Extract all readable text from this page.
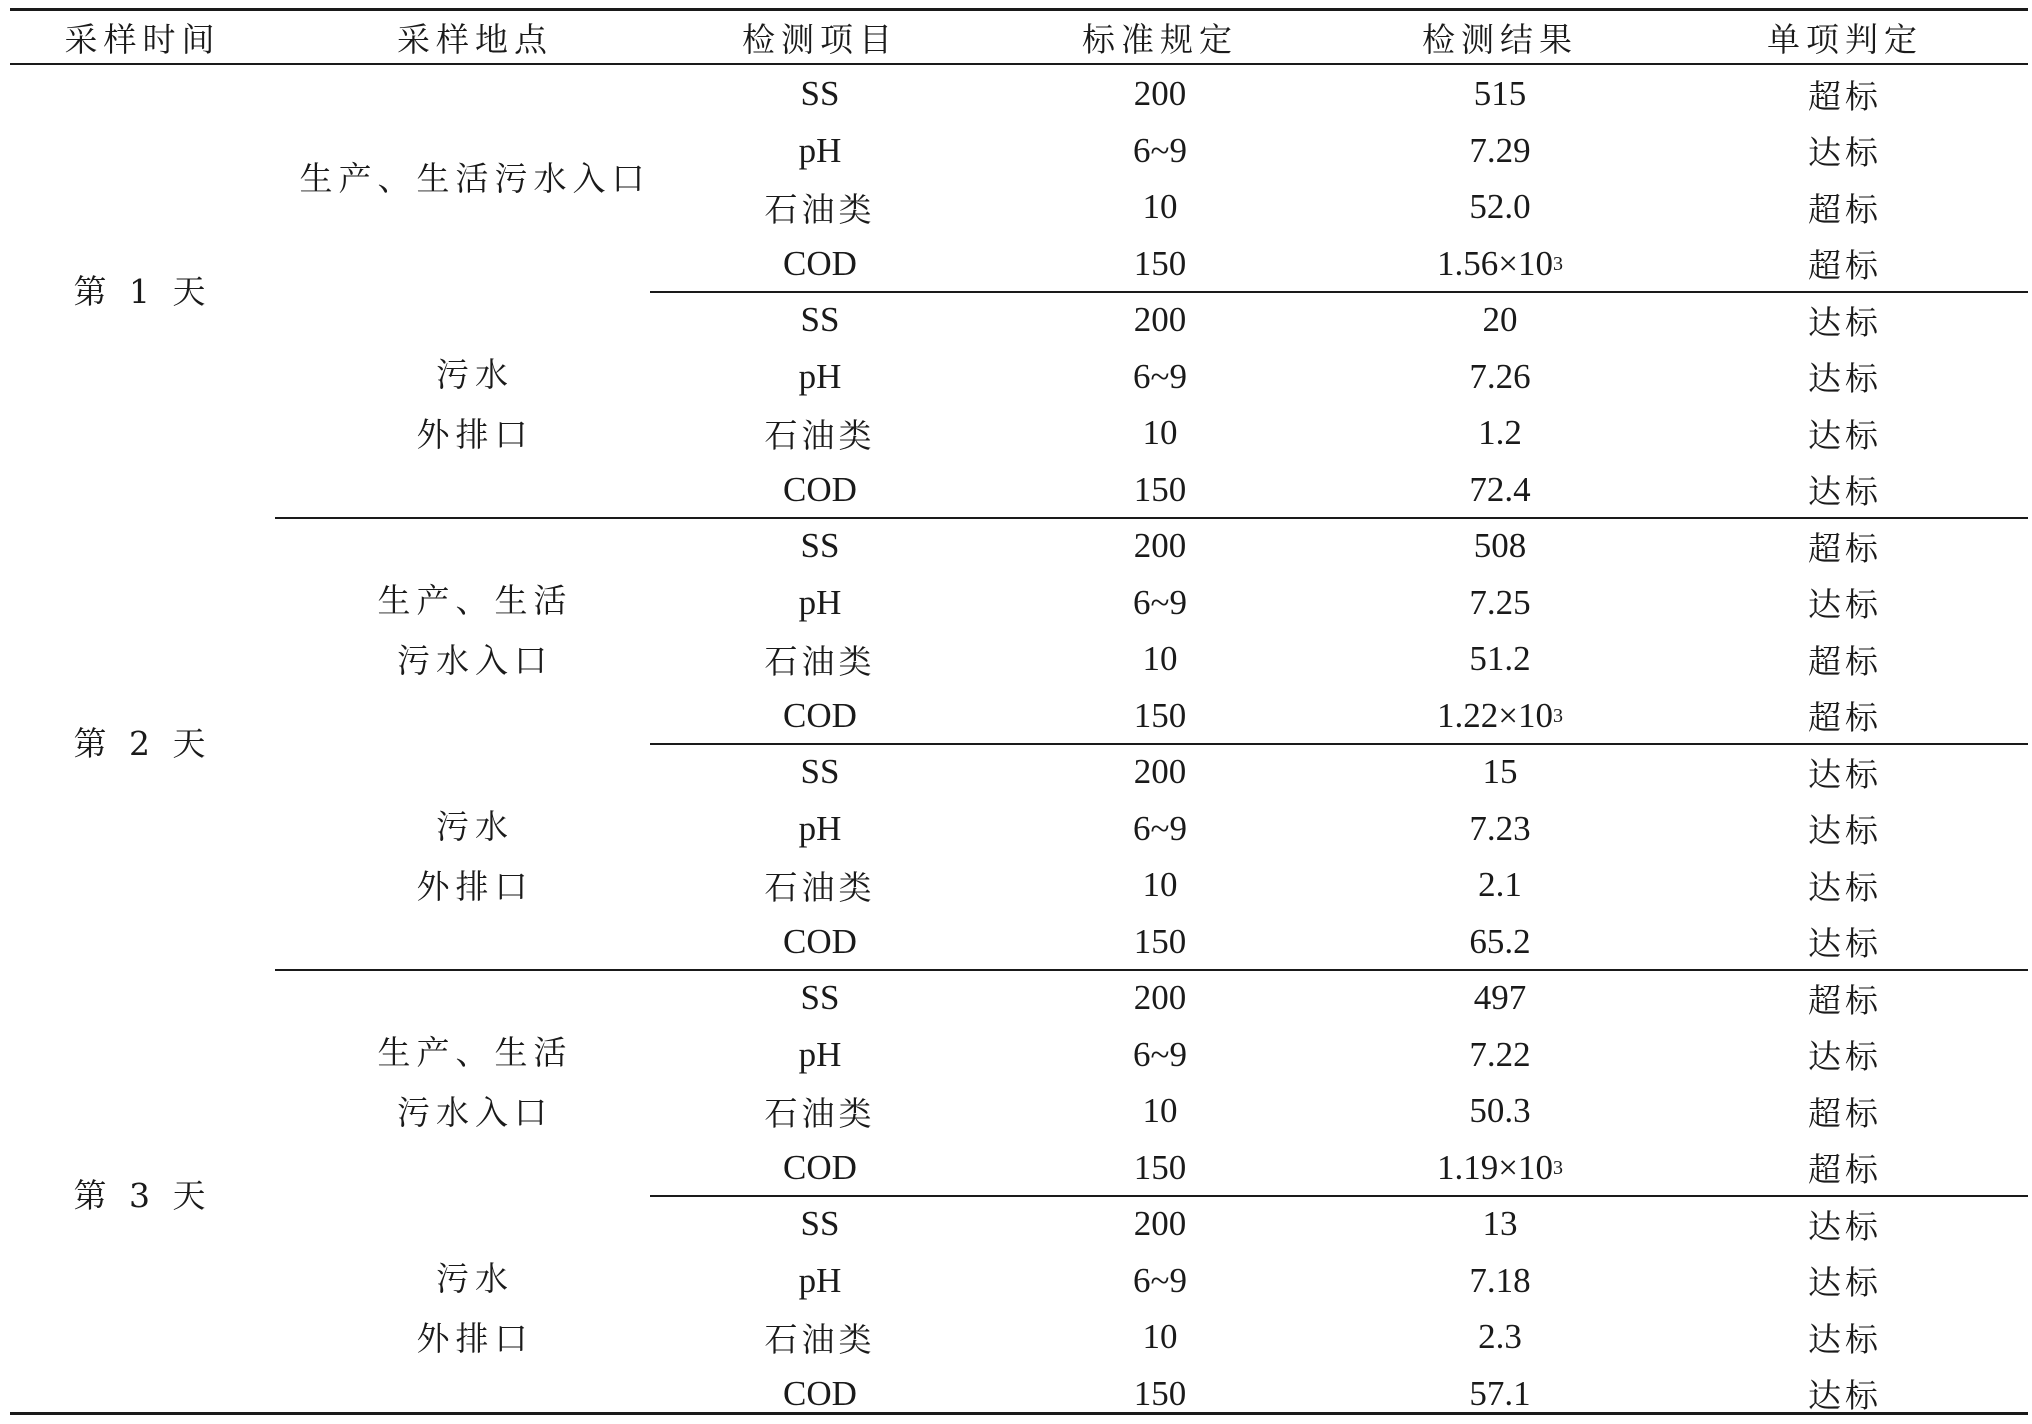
采样时间	采样地点	检测项目	标准规定	检测结果	单项判定
第 1 天
生产、生活污水入口
SS	200	515	超标
pH	6~9	7.29	达标
石油类	10	52.0	超标
COD	150	1.56×10 3	超标
污水
外排口
SS	200	20	达标
pH	6~9	7.26	达标
石油类	10	1.2	达标
COD	150	72.4	达标
第 2 天
生产、生活
污水入口
SS	200	508	超标
pH	6~9	7.25	达标
石油类	10	51.2	超标
COD	150	1.22×10 3	超标
污水
外排口
SS	200	15	达标
pH	6~9	7.23	达标
石油类	10	2.1	达标
COD	150	65.2	达标
第 3 天
生产、生活
污水入口
SS	200	497	超标
pH	6~9	7.22	达标
石油类	10	50.3	超标
COD	150	1.19×10 3	超标
污水
外排口
SS	200	13	达标
pH	6~9	7.18	达标
石油类	10	2.3	达标
COD	150	57.1	达标
